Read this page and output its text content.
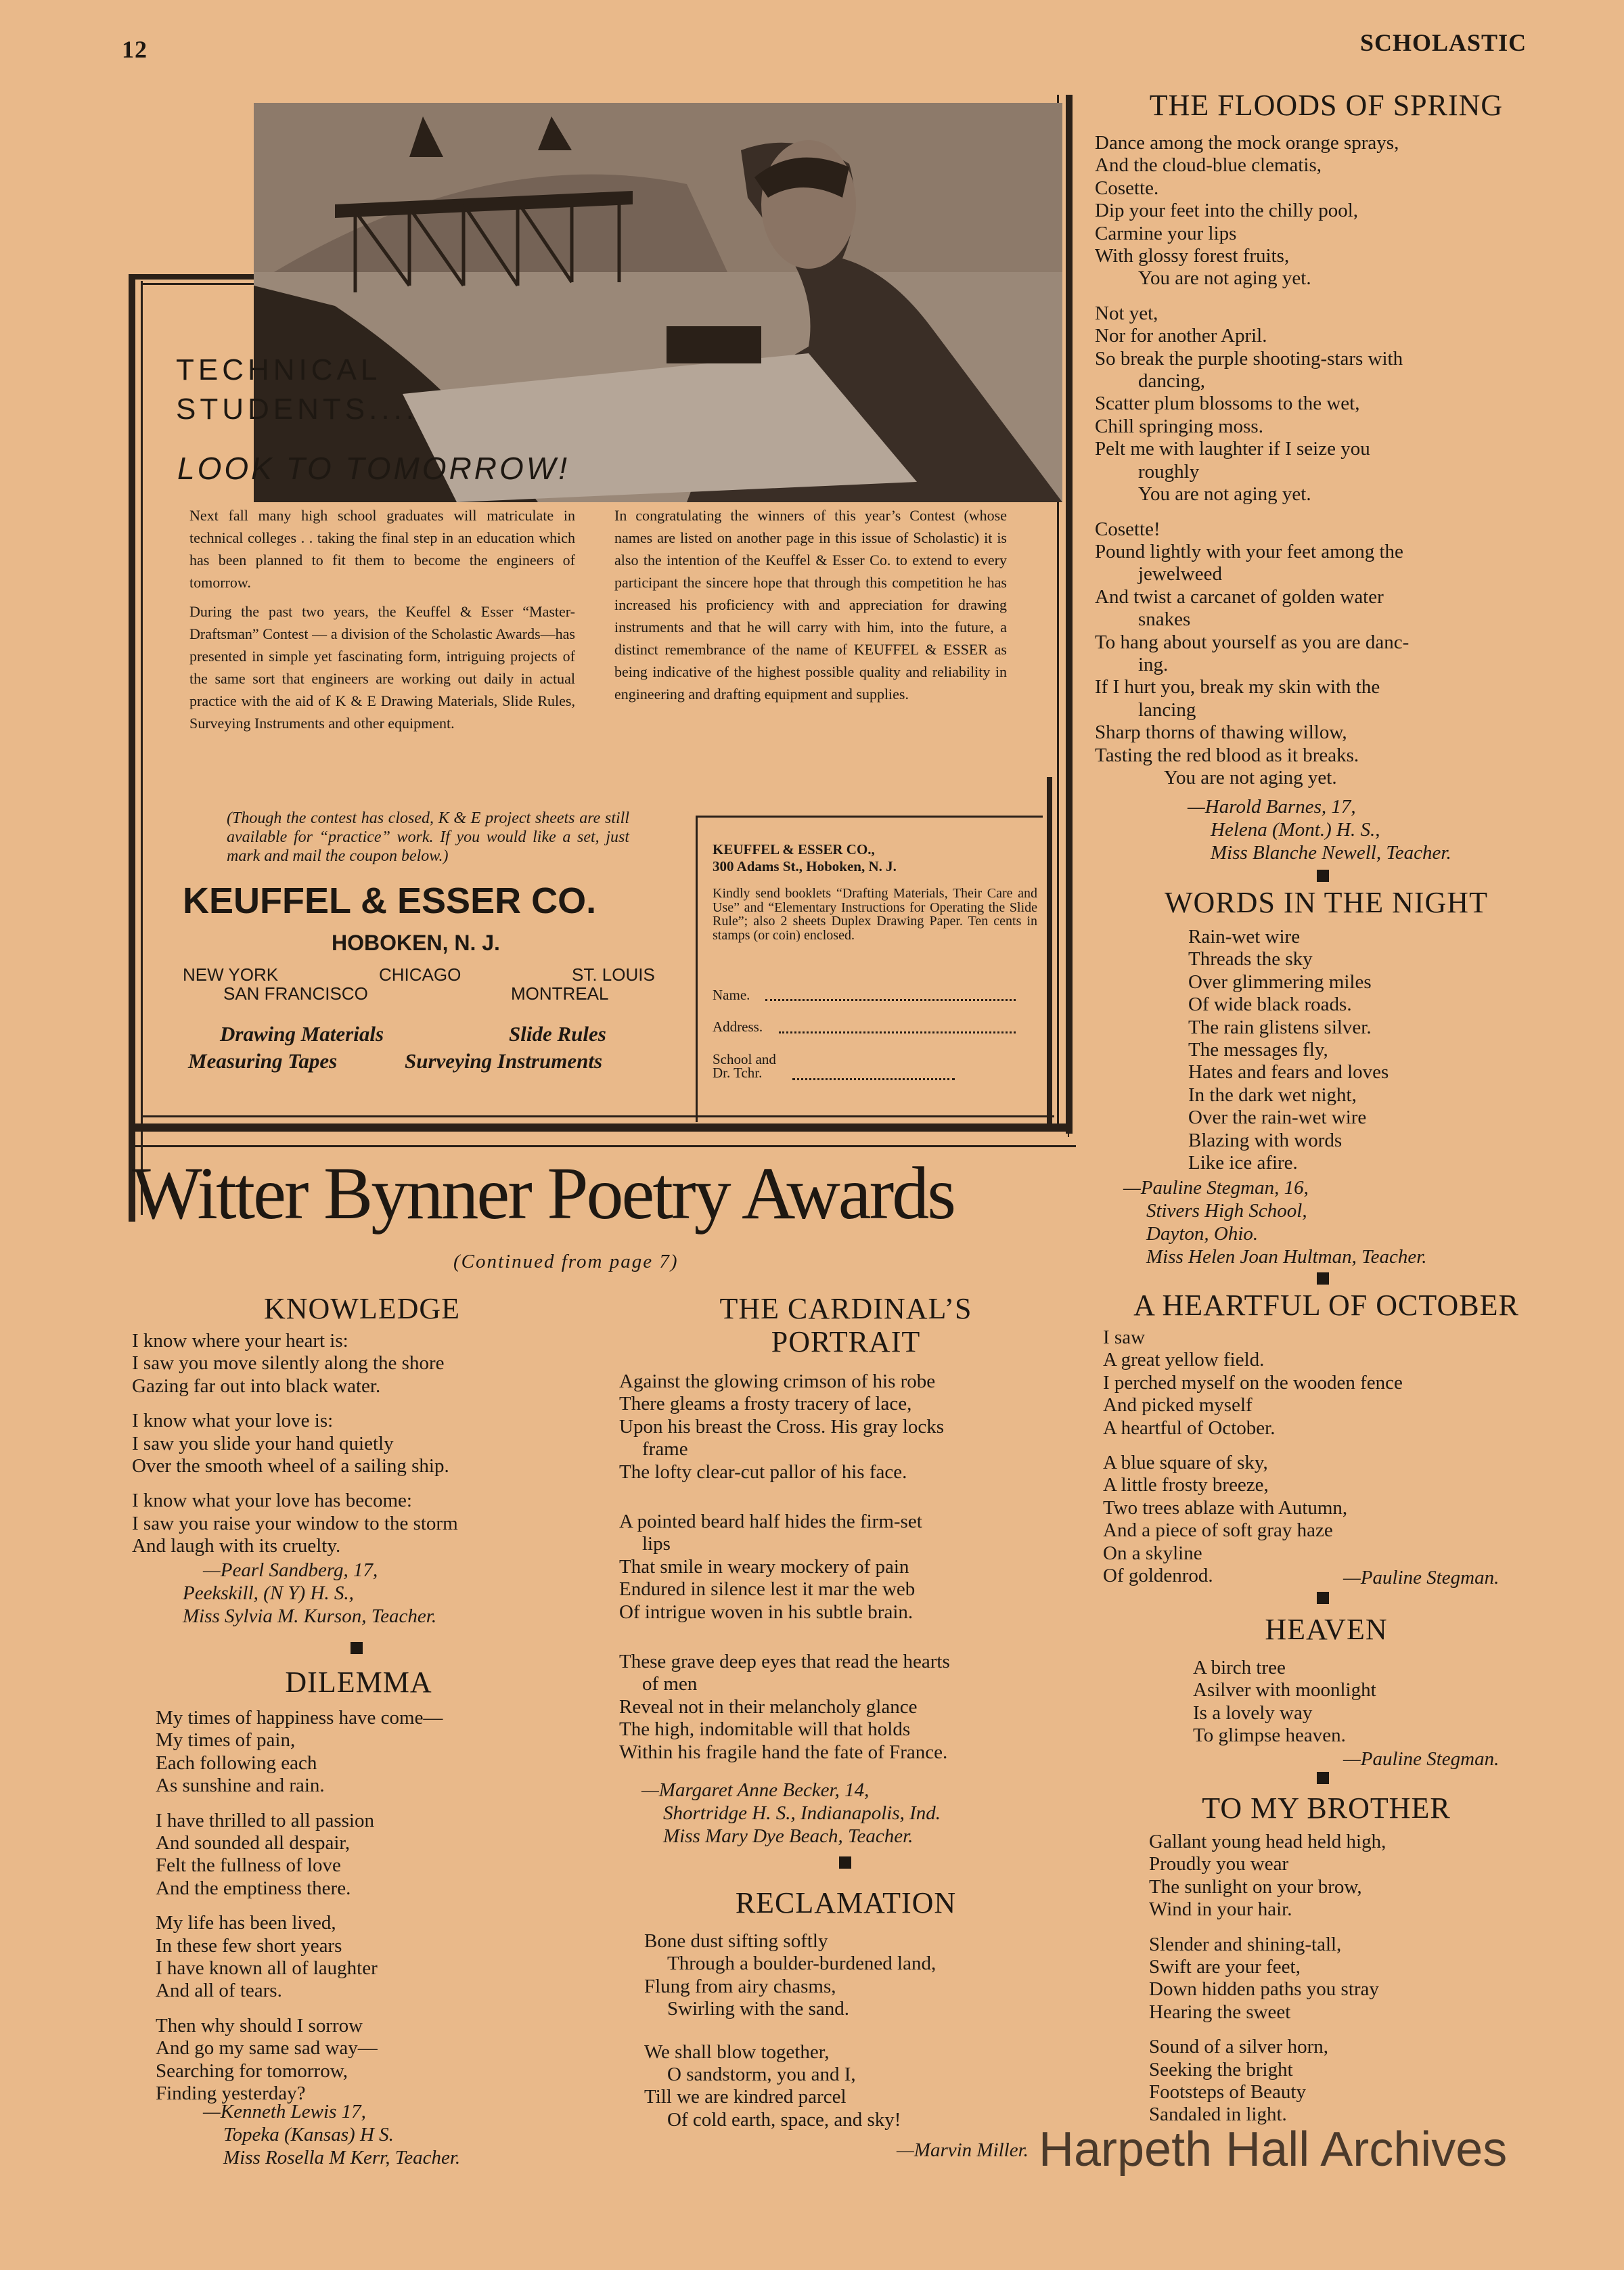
12	SCHOLASTIC
TECHNICAL
STUDENTS....
LOOK TO TOMORROW!

Next fall many high school graduates will matriculate in technical colleges . . taking the final step in an education which has been planned to fit them to become the engineers of tomorrow.

During the past two years, the Keuffel & Esser “Master-Draftsman” Contest — a division of the Scholastic Awards—has presented in simple yet fascinating form, intriguing projects of the same sort that engineers are working out daily in actual practice with the aid of K & E Drawing Materials, Slide Rules, Surveying Instruments and other equipment.

In congratulating the winners of this year’s Contest (whose names are listed on another page in this issue of Scholastic) it is also the intention of the Keuffel & Esser Co. to extend to every participant the sincere hope that through this competition he has increased his proficiency with and appreciation for drawing instruments and that he will carry with him, into the future, a distinct remembrance of the name of KEUFFEL & ESSER as being indicative of the highest possible quality and reliability in engineering and drafting equipment and supplies.

(Though the contest has closed, K & E project sheets are still available for “practice” work. If you would like a set, just mark and mail the coupon below.)
KEUFFEL & ESSER CO.
HOBOKEN, N. J.
NEW YORK	CHICAGO	ST. LOUIS
SAN FRANCISCO	MONTREAL
Drawing Materials	Slide Rules
Measuring Tapes	Surveying Instruments
KEUFFEL & ESSER CO.,
300 Adams St., Hoboken, N. J.
Kindly send booklets “Drafting Materials, Their Care and Use” and “Elementary Instructions for Operating the Slide Rule”; also 2 sheets Duplex Drawing Paper. Ten cents in stamps (or coin) enclosed.
Name.
Address.
School and
Dr. Tchr.
Witter Bynner Poetry Awards
(Continued from page 7)
THE FLOODS OF SPRING
Dance among the mock orange sprays,
And the cloud-blue clematis,
Cosette.
Dip your feet into the chilly pool,
Carmine your lips
With glossy forest fruits,
You are not aging yet.
Not yet,
Nor for another April.
So break the purple shooting-stars with
dancing,
Scatter plum blossoms to the wet,
Chill springing moss.
Pelt me with laughter if I seize you
roughly
You are not aging yet.
Cosette!
Pound lightly with your feet among the
jewelweed
And twist a carcanet of golden water
snakes
To hang about yourself as you are danc-
ing.
If I hurt you, break my skin with the
lancing
Sharp thorns of thawing willow,
Tasting the red blood as it breaks.
You are not aging yet.
—Harold Barnes, 17,
Helena (Mont.) H. S.,
Miss Blanche Newell, Teacher.
WORDS IN THE NIGHT
Rain-wet wire
Threads the sky
Over glimmering miles
Of wide black roads.
The rain glistens silver.
The messages fly,
Hates and fears and loves
In the dark wet night,
Over the rain-wet wire
Blazing with words
Like ice afire.
—Pauline Stegman, 16,
Stivers High School,
Dayton, Ohio.
Miss Helen Joan Hultman, Teacher.
A HEARTFUL OF OCTOBER
I saw
A great yellow field.
I perched myself on the wooden fence
And picked myself
A heartful of October.
A blue square of sky,
A little frosty breeze,
Two trees ablaze with Autumn,
And a piece of soft gray haze
On a skyline
Of goldenrod.	—Pauline Stegman.
HEAVEN
A birch tree
Asilver with moonlight
Is a lovely way
To glimpse heaven.
—Pauline Stegman.
TO MY BROTHER
Gallant young head held high,
Proudly you wear
The sunlight on your brow,
Wind in your hair.
Slender and shining-tall,
Swift are your feet,
Down hidden paths you stray
Hearing the sweet
Sound of a silver horn,
Seeking the bright
Footsteps of Beauty
Sandaled in light.
KNOWLEDGE
I know where your heart is:
I saw you move silently along the shore
Gazing far out into black water.
I know what your love is:
I saw you slide your hand quietly
Over the smooth wheel of a sailing ship.
I know what your love has become:
I saw you raise your window to the storm
And laugh with its cruelty.
—Pearl Sandberg, 17,
Peekskill, (N Y) H. S.,
Miss Sylvia M. Kurson, Teacher.
DILEMMA
My times of happiness have come—
My times of pain,
Each following each
As sunshine and rain.
I have thrilled to all passion
And sounded all despair,
Felt the fullness of love
And the emptiness there.
My life has been lived,
In these few short years
I have known all of laughter
And all of tears.
Then why should I sorrow
And go my same sad way—
Searching for tomorrow,
Finding yesterday?
—Kenneth Lewis 17,
Topeka (Kansas) H S.
Miss Rosella M Kerr, Teacher.
THE CARDINAL’S
PORTRAIT
Against the glowing crimson of his robe
There gleams a frosty tracery of lace,
Upon his breast the Cross. His gray locks
frame
The lofty clear-cut pallor of his face.
A pointed beard half hides the firm-set
lips
That smile in weary mockery of pain
Endured in silence lest it mar the web
Of intrigue woven in his subtle brain.
These grave deep eyes that read the hearts
of men
Reveal not in their melancholy glance
The high, indomitable will that holds
Within his fragile hand the fate of France.
—Margaret Anne Becker, 14,
Shortridge H. S., Indianapolis, Ind.
Miss Mary Dye Beach, Teacher.
RECLAMATION
Bone dust sifting softly
Through a boulder-burdened land,
Flung from airy chasms,
Swirling with the sand.
We shall blow together,
O sandstorm, you and I,
Till we are kindred parcel
Of cold earth, space, and sky!
—Marvin Miller. Harpeth Hall Archives
